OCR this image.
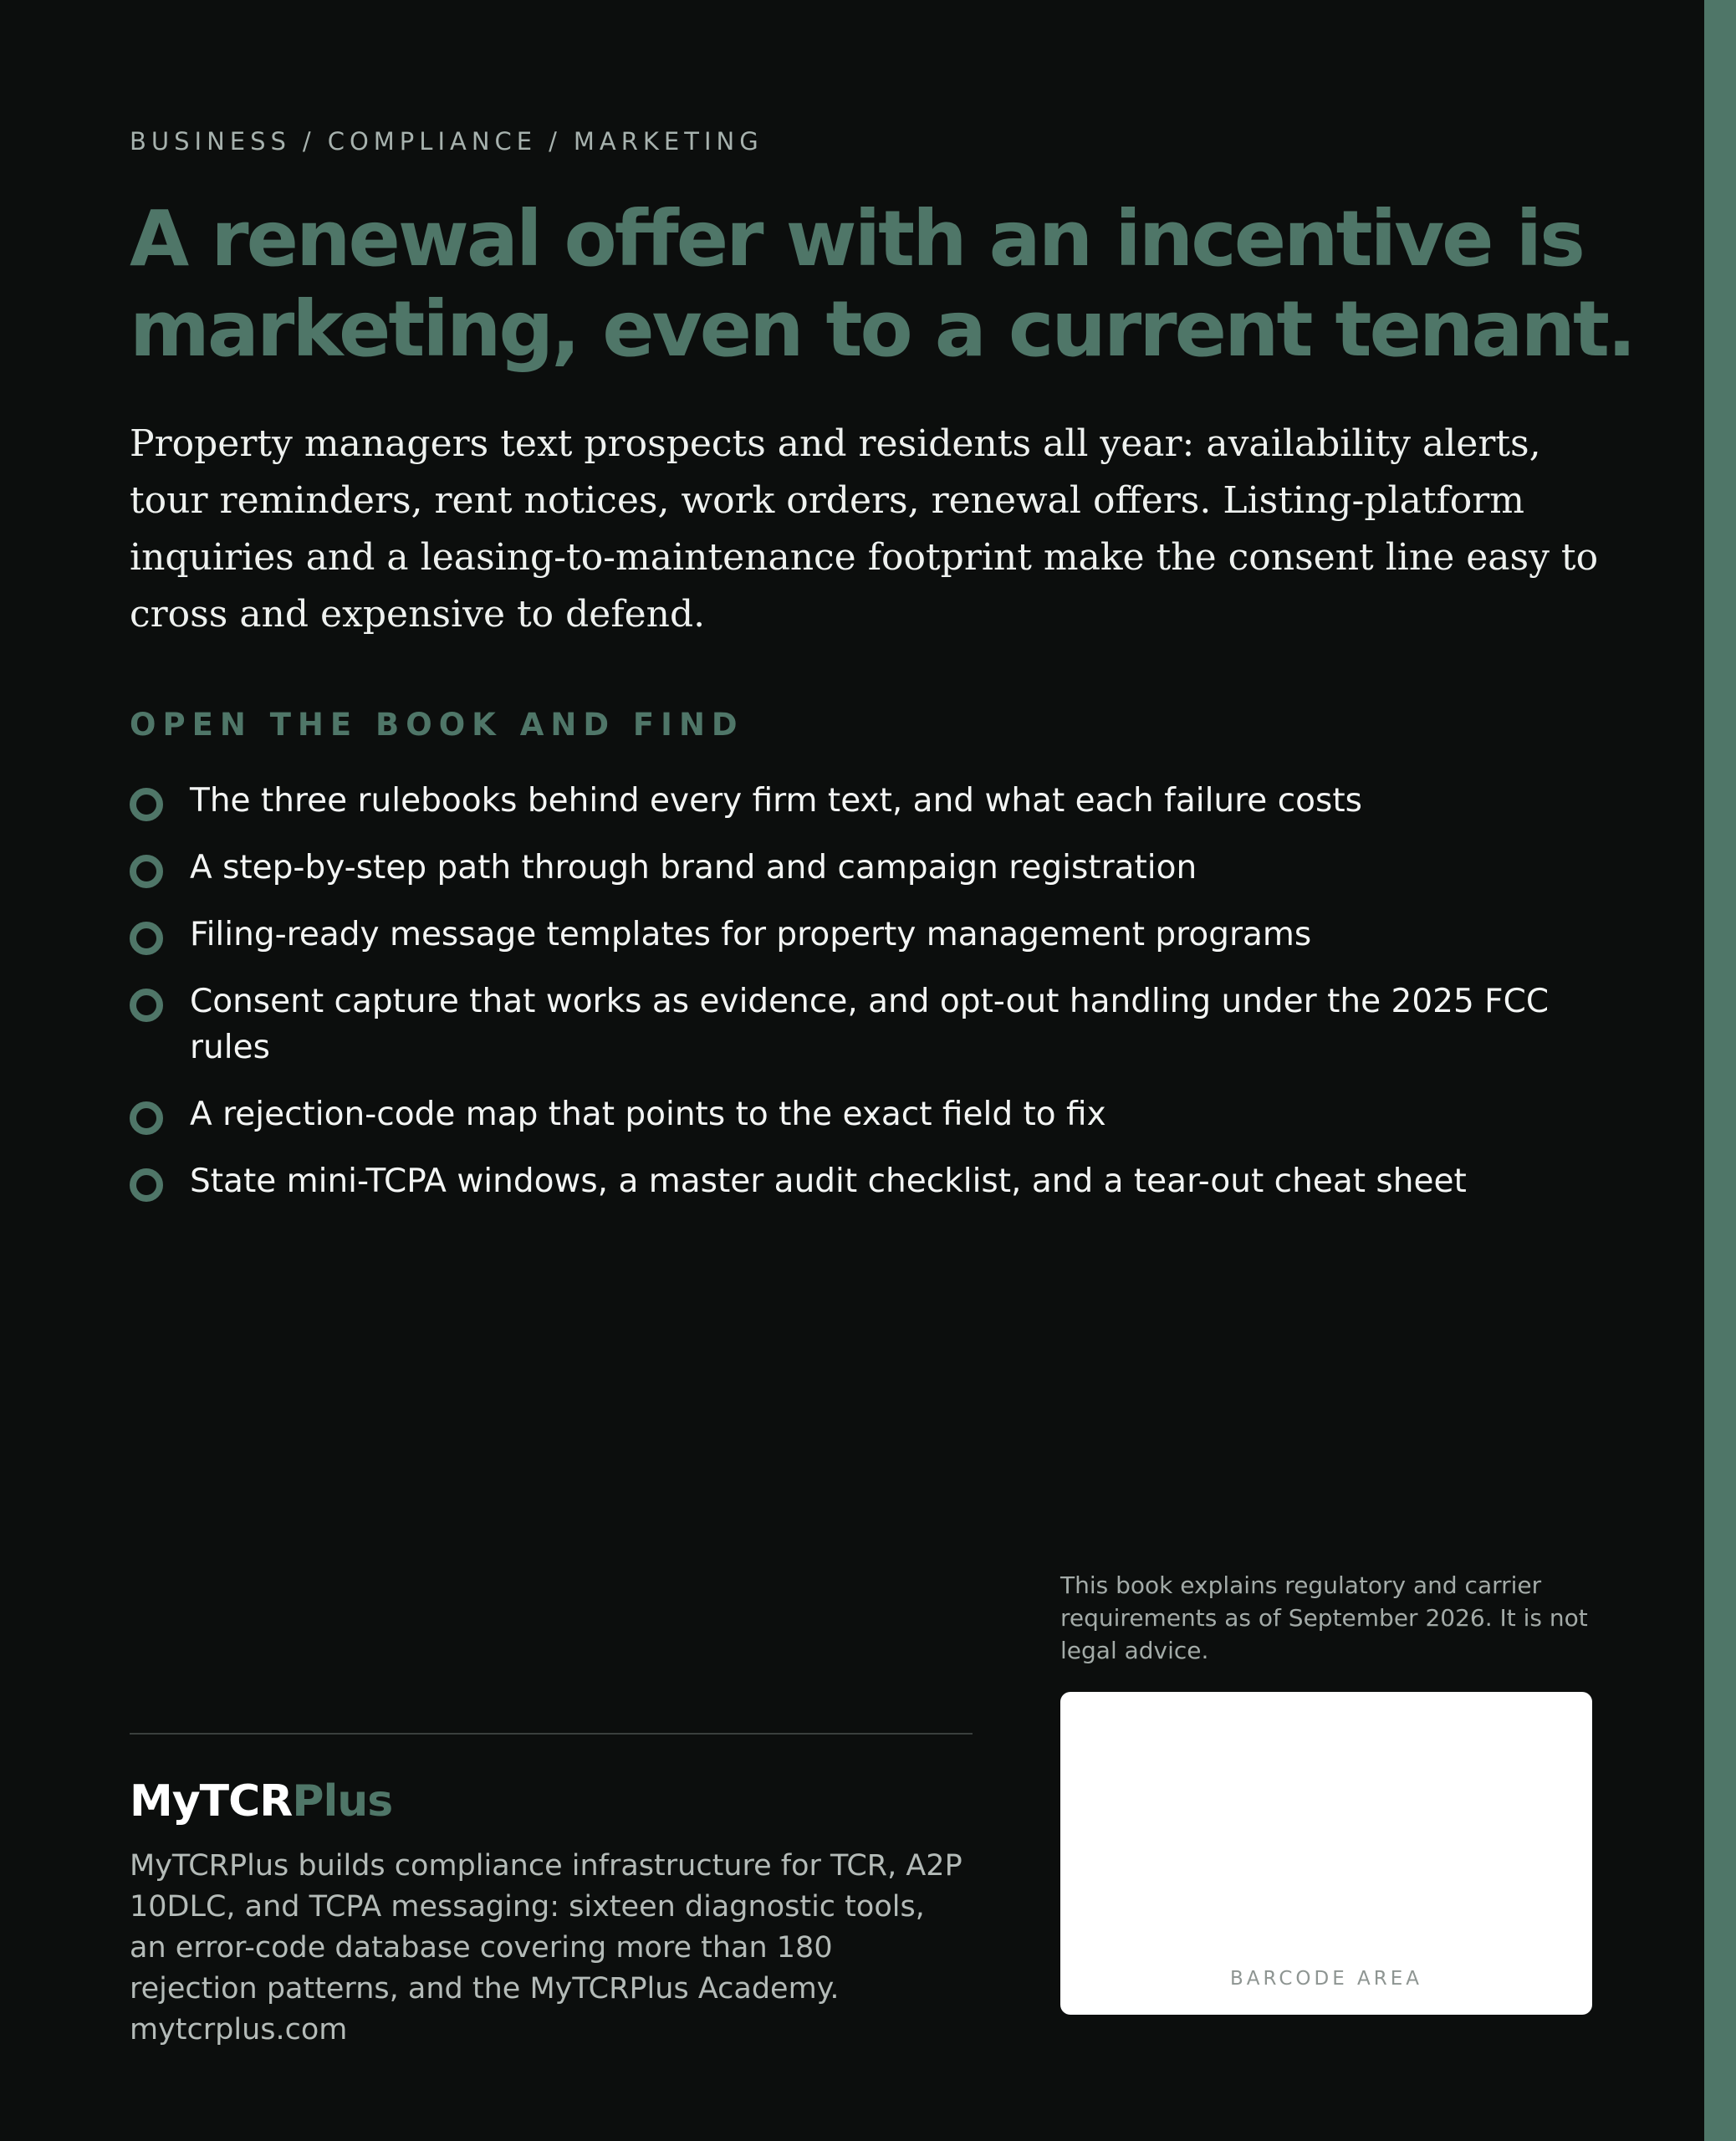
BUSINESS / COMPLIANCE / MARKETING
A renewal offer with an incentive is
marketing, even to a current tenant.

Property managers text prospects and residents all year: availability alerts, tour reminders, rent notices, work orders, renewal offers. Listing-platform inquiries and a leasing-to-maintenance footprint make the consent line easy to cross and expensive to defend.

OPEN THE BOOK AND FIND
The three rulebooks behind every firm text, and what each failure costs
A step-by-step path through brand and campaign registration
Filing-ready message templates for property management programs
Consent capture that works as evidence, and opt-out handling under the 2025 FCC rules
A rejection-code map that points to the exact field to fix
State mini-TCPA windows, a master audit checklist, and a tear-out cheat sheet

This book explains regulatory and carrier requirements as of September 2026. It is not legal advice.

BARCODE AREA
MyTCRPlus

MyTCRPlus builds compliance infrastructure for TCR, A2P 10DLC, and TCPA messaging: sixteen diagnostic tools, an error-code database covering more than 180 rejection patterns, and the MyTCRPlus Academy. mytcrplus.com
